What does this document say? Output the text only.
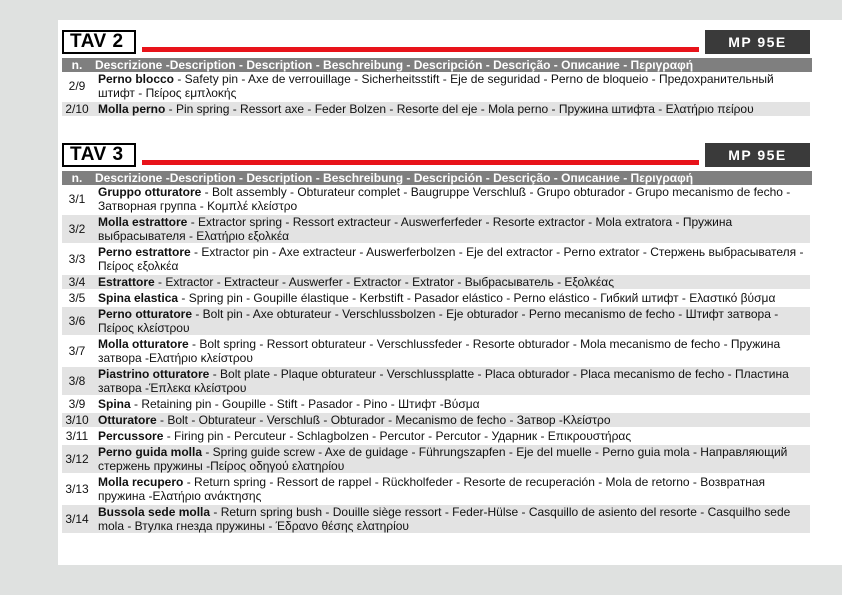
TAV 2	MP 95E
n.	Descrizione -Description - Description - Beschreibung - Descripción - Descrição - Описание - Περιγραφή
2/9	Perno blocco - Safety pin - Axe de verrouillage - Sicherheitsstift - Eje de seguridad - Perno de bloqueio - Предохранительный штифт - Πείρος εμπλοκής
2/10	Molla perno - Pin spring - Ressort axe - Feder Bolzen - Resorte del eje - Mola perno - Пружина штифта - Ελατήριο πείρου
TAV 3	MP 95E
n.	Descrizione -Description - Description - Beschreibung - Descripción - Descrição - Описание - Περιγραφή
3/1	Gruppo otturatore - Bolt assembly - Obturateur complet - Baugruppe Verschluß - Grupo obturador - Grupo mecanismo de fecho - Затворная группа - Κομπλέ κλείστρο
3/2	Molla estrattore - Extractor spring - Ressort extracteur - Auswerferfeder - Resorte extractor - Mola extratora - Пружина выбрасывателя - Ελατήριο εξολκέα
3/3	Perno estrattore - Extractor pin - Axe extracteur - Auswerferbolzen - Eje del extractor - Perno extrator - Стержень выбрасывателя - Πείρος εξολκέα
3/4	Estrattore - Extractor - Extracteur - Auswerfer - Extractor - Extrator - Выбрасыватель - Εξολκέας
3/5	Spina elastica - Spring pin - Goupille élastique - Kerbstift - Pasador elástico - Perno elástico - Гибкий штифт - Ελαστικό βύσμα
3/6	Perno otturatore - Bolt pin - Axe obturateur - Verschlussbolzen - Eje obturador - Perno mecanismo de fecho - Штифт затвора - Πείρος κλείστρου
3/7	Molla otturatore - Bolt spring - Ressort obturateur - Verschlussfeder - Resorte obturador - Mola mecanismo de fecho - Пружина затвора -Ελατήριο κλείστρου
3/8	Piastrino otturatore - Bolt plate - Plaque obturateur - Verschlussplatte - Placa obturador - Placa mecanismo de fecho - Пластина затвора -Έπλεκα κλείστρου
3/9	Spina - Retaining pin - Goupille - Stift - Pasador - Pino - Штифт -Βύσμα
3/10	Otturatore - Bolt - Obturateur - Verschluß - Obturador - Mecanismo de fecho - Затвор -Κλείστρο
3/11	Percussore - Firing pin - Percuteur - Schlagbolzen - Percutor - Percutor - Ударник - Επικρουστήρας
3/12	Perno guida molla - Spring guide screw - Axe de guidage - Führungszapfen - Eje del muelle - Perno guia mola - Направляющий стержень пружины -Πείρος οδηγού ελατηρίου
3/13	Molla recupero - Return spring - Ressort de rappel - Rückholfeder - Resorte de recuperación - Mola de retorno - Возвратная пружина -Ελατήριο ανάκτησης
3/14	Bussola sede molla - Return spring bush - Douille siège ressort - Feder-Hülse - Casquillo de asiento del resorte - Casquilho sede mola - Втулка гнезда пружины - Έδρανο θέσης ελατηρίου
